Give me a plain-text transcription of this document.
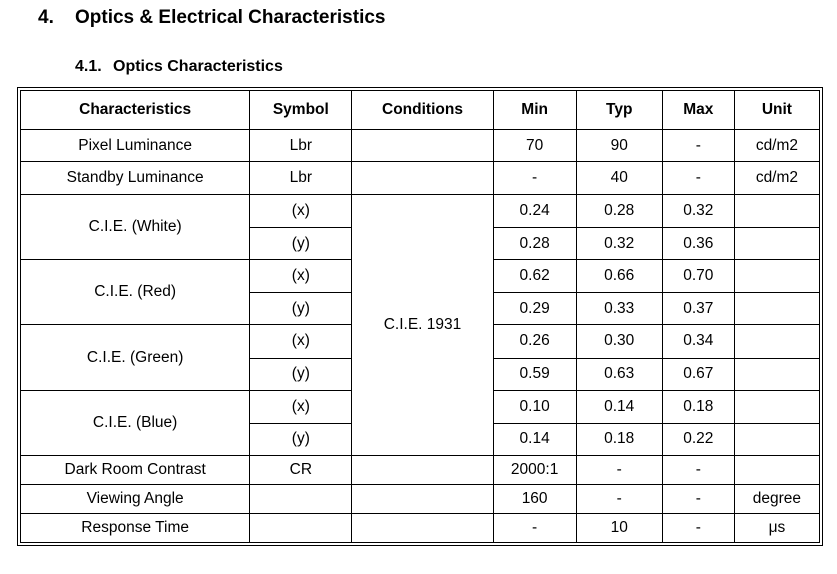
4. Optics & Electrical Characteristics
4.1. Optics Characteristics
Characteristics	Symbol	Conditions	Min	Typ	Max	Unit
Pixel Luminance	Lbr		70	90	-	cd/m2
Standby Luminance	Lbr		-	40	-	cd/m2
C.I.E. (White)	(x)	C.I.E. 1931	0.24	0.28	0.32	
	(y)		0.28	0.32	0.36	
C.I.E. (Red)	(x)		0.62	0.66	0.70	
	(y)		0.29	0.33	0.37	
C.I.E. (Green)	(x)		0.26	0.30	0.34	
	(y)		0.59	0.63	0.67	
C.I.E. (Blue)	(x)		0.10	0.14	0.18	
	(y)		0.14	0.18	0.22	
Dark Room Contrast	CR		2000:1	-	-	
Viewing Angle			160	-	-	degree
Response Time			-	10	-	μs
